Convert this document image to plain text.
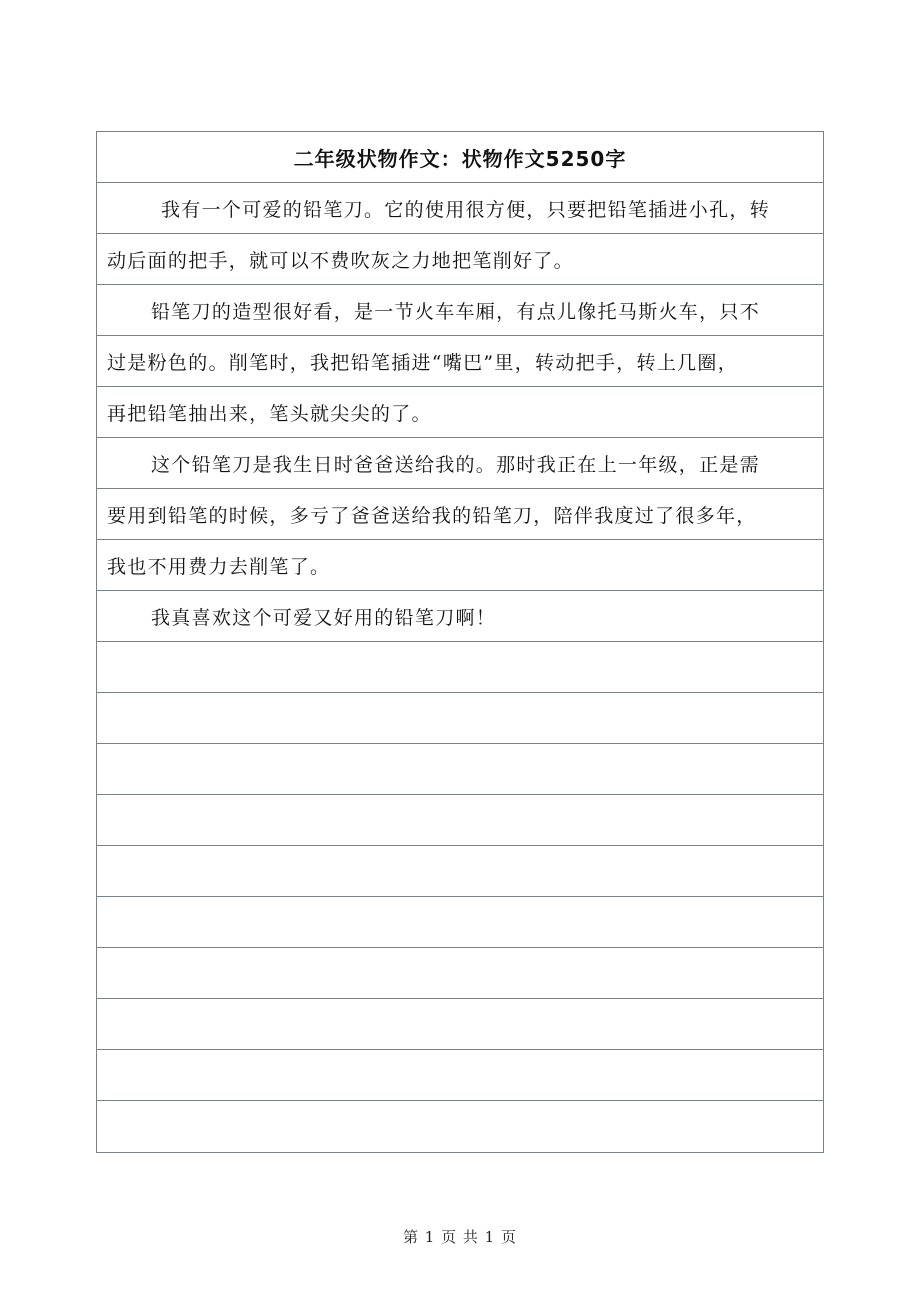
二年级状物作文：状物作文5250字
我有一个可爱的铅笔刀。它的使用很方便，只要把铅笔插进小孔，转
动后面的把手，就可以不费吹灰之力地把笔削好了。
铅笔刀的造型很好看，是一节火车车厢，有点儿像托马斯火车，只不
过是粉色的。削笔时，我把铅笔插进“嘴巴”里，转动把手，转上几圈，
再把铅笔抽出来，笔头就尖尖的了。
这个铅笔刀是我生日时爸爸送给我的。那时我正在上一年级，正是需
要用到铅笔的时候，多亏了爸爸送给我的铅笔刀，陪伴我度过了很多年，
我也不用费力去削笔了。
我真喜欢这个可爱又好用的铅笔刀啊！
第 1 页 共 1 页
